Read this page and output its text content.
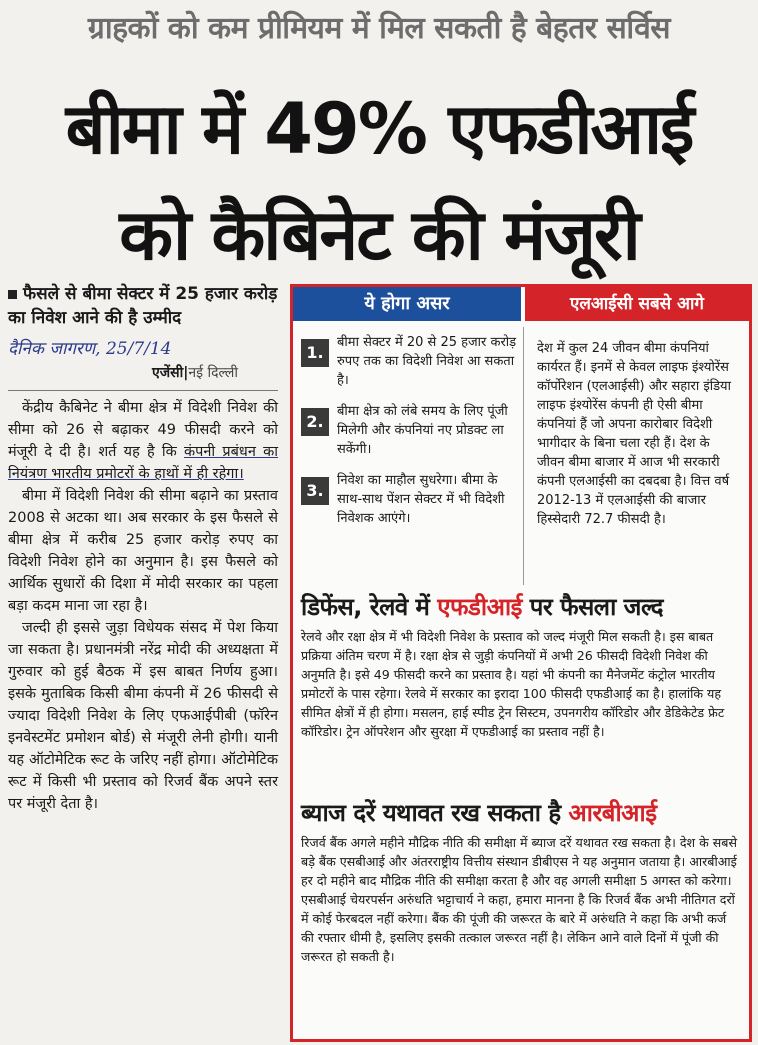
ग्राहकों को कम प्रीमियम में मिल सकती है बेहतर सर्विस
बीमा में 49% एफडीआई
को कैबिनेट की मंजूरी
फैसले से बीमा सेक्टर में 25 हजार करोड़ का निवेश आने की है उम्मीद
दैनिक जागरण, 25/7/14
एजेंसी|नई दिल्ली

केंद्रीय कैबिनेट ने बीमा क्षेत्र में विदेशी निवेश की सीमा को 26 से बढ़ाकर 49 फीसदी करने को मंजूरी दे दी है। शर्त यह है कि कंपनी प्रबंधन का नियंत्रण भारतीय प्रमोटरों के हाथों में ही रहेगा।

बीमा में विदेशी निवेश की सीमा बढ़ाने का प्रस्ताव 2008 से अटका था। अब सरकार के इस फैसले से बीमा क्षेत्र में करीब 25 हजार करोड़ रुपए का विदेशी निवेश होने का अनुमान है। इस फैसले को आर्थिक सुधारों की दिशा में मोदी सरकार का पहला बड़ा कदम माना जा रहा है।

जल्दी ही इससे जुड़ा विधेयक संसद में पेश किया जा सकता है। प्रधानमंत्री नरेंद्र मोदी की अध्यक्षता में गुरुवार को हुई बैठक में इस बाबत निर्णय हुआ। इसके मुताबिक किसी बीमा कंपनी में 26 फीसदी से ज्यादा विदेशी निवेश के लिए एफआईपीबी (फॉरेन इनवेस्टमेंट प्रमोशन बोर्ड) से मंजूरी लेनी होगी। यानी यह ऑटोमेटिक रूट के जरिए नहीं होगा। ऑटोमेटिक रूट में किसी भी प्रस्ताव को रिजर्व बैंक अपने स्तर पर मंजूरी देता है।

ये होगा असर	एलआईसी सबसे आगे
1.
बीमा सेक्टर में 20 से 25 हजार करोड़ रुपए तक का विदेशी निवेश आ सकता है।
2.
बीमा क्षेत्र को लंबे समय के लिए पूंजी मिलेगी और कंपनियां नए प्रोडक्ट ला सकेंगी।
3.
निवेश का माहौल सुधरेगा। बीमा के साथ-साथ पेंशन सेक्टर में भी विदेशी निवेशक आएंगे।
देश में कुल 24 जीवन बीमा कंपनियां कार्यरत हैं। इनमें से केवल लाइफ इंश्योरेंस कॉर्पोरेशन (एलआईसी) और सहारा इंडिया लाइफ इंश्योरेंस कंपनी ही ऐसी बीमा कंपनियां हैं जो अपना कारोबार विदेशी भागीदार के बिना चला रही हैं। देश के जीवन बीमा बाजार में आज भी सरकारी कंपनी एलआईसी का दबदबा है। वित्त वर्ष 2012-13 में एलआईसी की बाजार हिस्सेदारी 72.7 फीसदी है।
डिफेंस, रेलवे में एफडीआई पर फैसला जल्द
रेलवे और रक्षा क्षेत्र में भी विदेशी निवेश के प्रस्ताव को जल्द मंजूरी मिल सकती है। इस बाबत प्रक्रिया अंतिम चरण में है। रक्षा क्षेत्र से जुड़ी कंपनियों में अभी 26 फीसदी विदेशी निवेश की अनुमति है। इसे 49 फीसदी करने का प्रस्ताव है। यहां भी कंपनी का मैनेजमेंट कंट्रोल भारतीय प्रमोटरों के पास रहेगा। रेलवे में सरकार का इरादा 100 फीसदी एफडीआई का है। हालांकि यह सीमित क्षेत्रों में ही होगा। मसलन, हाई स्पीड ट्रेन सिस्टम, उपनगरीय कॉरिडोर और डेडिकेटेड फ्रेट कॉरिडोर। ट्रेन ऑपरेशन और सुरक्षा में एफडीआई का प्रस्ताव नहीं है।
ब्याज दरें यथावत रख सकता है आरबीआई
रिजर्व बैंक अगले महीने मौद्रिक नीति की समीक्षा में ब्याज दरें यथावत रख सकता है। देश के सबसे बड़े बैंक एसबीआई और अंतरराष्ट्रीय वित्तीय संस्थान डीबीएस ने यह अनुमान जताया है। आरबीआई हर दो महीने बाद मौद्रिक नीति की समीक्षा करता है और वह अगली समीक्षा 5 अगस्त को करेगा। एसबीआई चेयरपर्सन अरुंधति भट्टाचार्य ने कहा, हमारा मानना है कि रिजर्व बैंक अभी नीतिगत दरों में कोई फेरबदल नहीं करेगा। बैंक की पूंजी की जरूरत के बारे में अरुंधति ने कहा कि अभी कर्ज की रफ्तार धीमी है, इसलिए इसकी तत्काल जरूरत नहीं है। लेकिन आने वाले दिनों में पूंजी की जरूरत हो सकती है।
